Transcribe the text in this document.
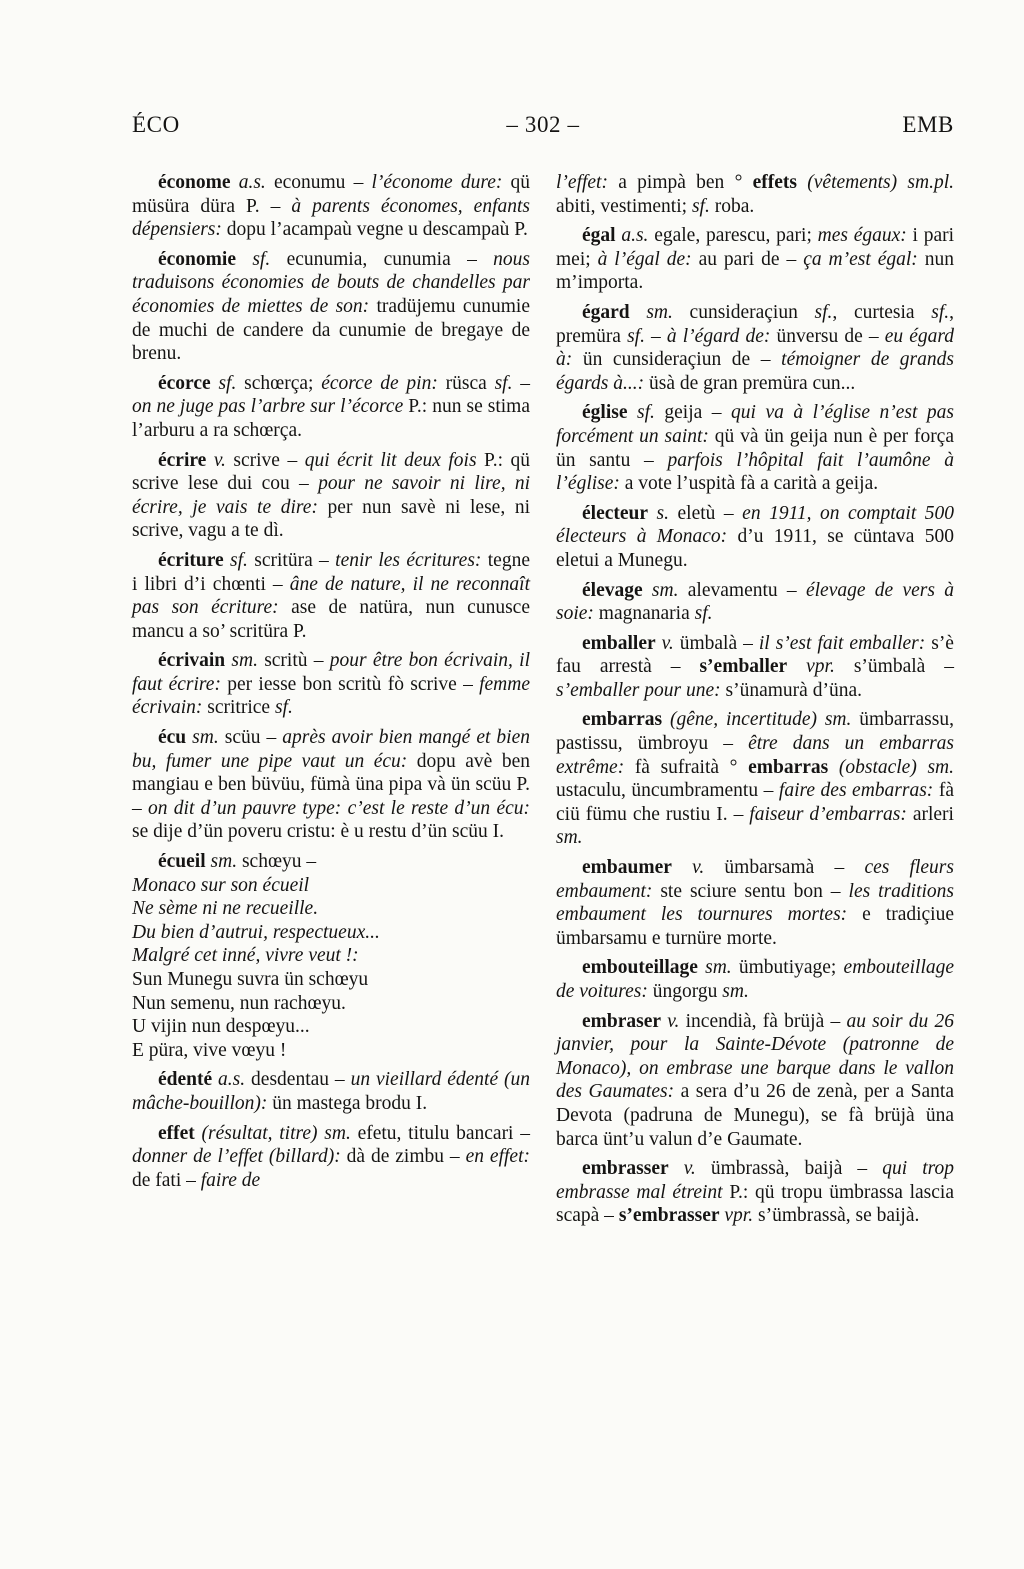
– 302 –
ÉCO	EMB

économe a.s. econumu – l’économe dure: qü müsüra düra P. – à parents économes, enfants dépensiers: dopu l’acampaù vegne u descampaù P.

économie sf. ecunumia, cunumia – nous traduisons économies de bouts de chandelles par économies de miettes de son: tradüjemu cunumie de muchi de candere da cunumie de bregaye de brenu.

écorce sf. schœrça; écorce de pin: rüsca sf. – on ne juge pas l’arbre sur l’écorce P.: nun se stima l’arburu a ra schœrça.

écrire v. scrive – qui écrit lit deux fois P.: qü scrive lese dui cou – pour ne savoir ni lire, ni écrire, je vais te dire: per nun savè ni lese, ni scrive, vagu a te dì.

écriture sf. scritüra – tenir les écritures: tegne i libri d’i chœnti – âne de nature, il ne reconnaît pas son écriture: ase de natüra, nun cunusce mancu a so’ scritüra P.

écrivain sm. scritù – pour être bon écrivain, il faut écrire: per iesse bon scritù fò scrive – femme écrivain: scritrice sf.

écu sm. scüu – après avoir bien mangé et bien bu, fumer une pipe vaut un écu: dopu avè ben mangiau e ben büvüu, fümà üna pipa và ün scüu P. – on dit d’un pauvre type: c’est le reste d’un écu: se dije d’ün poveru cristu: è u restu d’ün scüu I.

écueil sm. schœyu –

Monaco sur son écueil

Ne sème ni ne recueille.

Du bien d’autrui, respectueux...

Malgré cet inné, vivre veut !:

Sun Munegu suvra ün schœyu

Nun semenu, nun rachœyu.

U vijin nun despœyu...

E püra, vive vœyu !

édenté a.s. desdentau – un vieillard édenté (un mâche-bouillon): ün mastega brodu I.

effet (résultat, titre) sm. efetu, titulu bancari – donner de l’effet (billard): dà de zimbu – en effet: de fati – faire de

l’effet: a pimpà ben ° effets (vêtements) sm.pl. abiti, vestimenti; sf. roba.

égal a.s. egale, parescu, pari; mes égaux: i pari mei; à l’égal de: au pari de – ça m’est égal: nun m’importa.

égard sm. cunsideraçiun sf., curtesia sf., premüra sf. – à l’égard de: ünversu de – eu égard à: ün cunsideraçiun de – témoigner de grands égards à...: üsà de gran premüra cun...

église sf. geija – qui va à l’église n’est pas forcément un saint: qü và ün geija nun è per força ün santu – parfois l’hôpital fait l’aumône à l’église: a vote l’uspità fà a carità a geija.

électeur s. eletù – en 1911, on comptait 500 électeurs à Monaco: d’u 1911, se cüntava 500 eletui a Munegu.

élevage sm. alevamentu – élevage de vers à soie: magnanaria sf.

emballer v. ümbalà – il s’est fait emballer: s’è fau arrestà – s’emballer vpr. s’ümbalà – s’emballer pour une: s’ünamurà d’üna.

embarras (gêne, incertitude) sm. ümbarrassu, pastissu, ümbroyu – être dans un embarras extrême: fà sufraità ° embarras (obstacle) sm. ustaculu, üncumbramentu – faire des embarras: fà ciü fümu che rustiu I. – faiseur d’embarras: arleri sm.

embaumer v. ümbarsamà – ces fleurs embaument: ste sciure sentu bon – les traditions embaument les tournures mortes: e tradiçiue ümbarsamu e turnüre morte.

embouteillage sm. ümbutiyage; embouteillage de voitures: üngorgu sm.

embraser v. incendià, fà brüjà – au soir du 26 janvier, pour la Sainte-Dévote (patronne de Monaco), on embrase une barque dans le vallon des Gaumates: a sera d’u 26 de zenà, per a Santa Devota (padruna de Munegu), se fà brüjà üna barca ünt’u valun d’e Gaumate.

embrasser v. ümbrassà, baijà – qui trop embrasse mal étreint P.: qü tropu ümbrassa lascia scapà – s’embrasser vpr. s’ümbrassà, se baijà.
